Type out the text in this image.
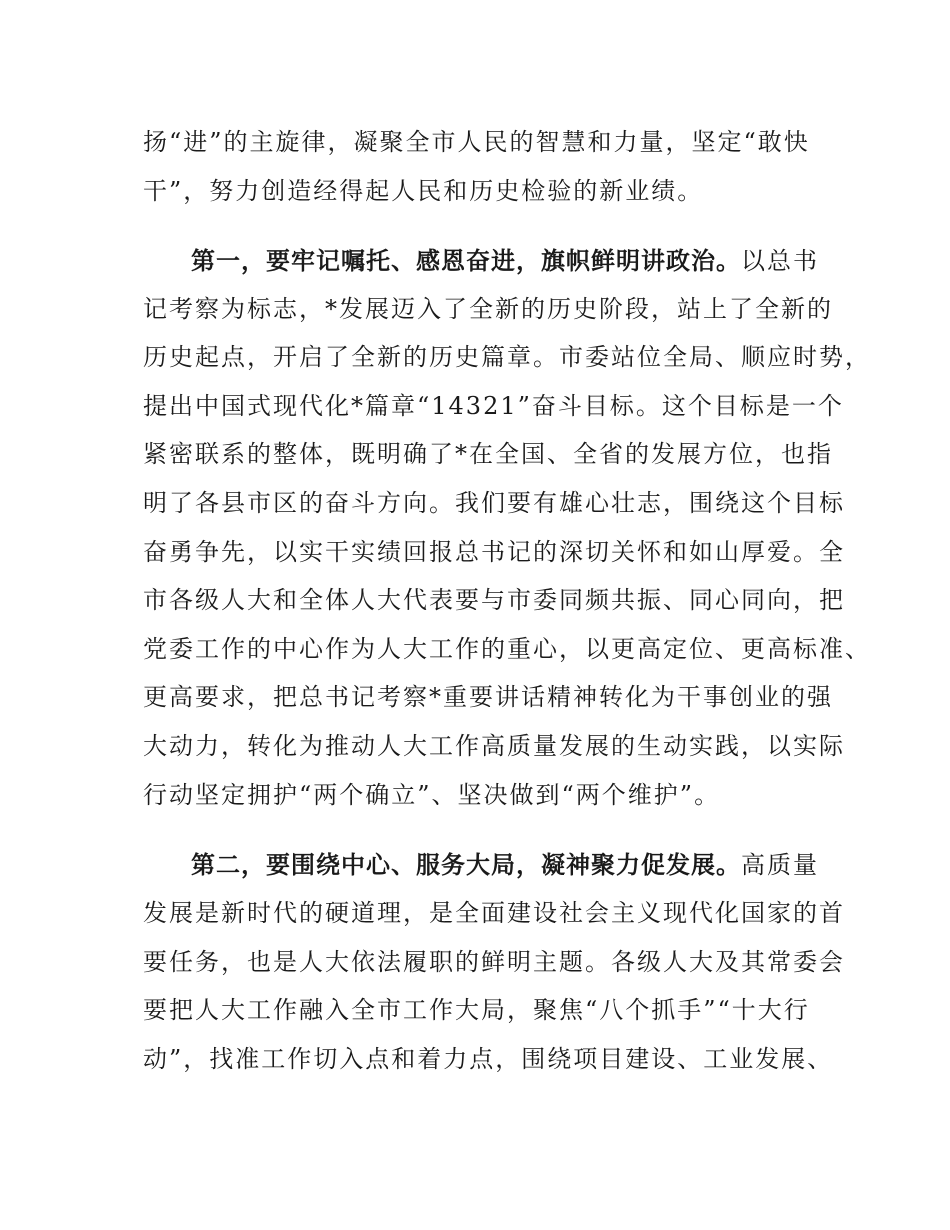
扬“进”的主旋律，凝聚全市人民的智慧和力量，坚定“敢快
干”，努力创造经得起人民和历史检验的新业绩。
第一，要牢记嘱托、感恩奋进，旗帜鲜明讲政治。以总书
记考察为标志，*发展迈入了全新的历史阶段，站上了全新的
历史起点，开启了全新的历史篇章。市委站位全局、顺应时势，
提出中国式现代化*篇章“14321”奋斗目标。这个目标是一个
紧密联系的整体，既明确了*在全国、全省的发展方位，也指
明了各县市区的奋斗方向。我们要有雄心壮志，围绕这个目标
奋勇争先，以实干实绩回报总书记的深切关怀和如山厚爱。全
市各级人大和全体人大代表要与市委同频共振、同心同向，把
党委工作的中心作为人大工作的重心，以更高定位、更高标准、
更高要求，把总书记考察*重要讲话精神转化为干事创业的强
大动力，转化为推动人大工作高质量发展的生动实践，以实际
行动坚定拥护“两个确立”、坚决做到“两个维护”。
第二，要围绕中心、服务大局，凝神聚力促发展。高质量
发展是新时代的硬道理，是全面建设社会主义现代化国家的首
要任务，也是人大依法履职的鲜明主题。各级人大及其常委会
要把人大工作融入全市工作大局，聚焦“八个抓手”“十大行
动”，找准工作切入点和着力点，围绕项目建设、工业发展、
